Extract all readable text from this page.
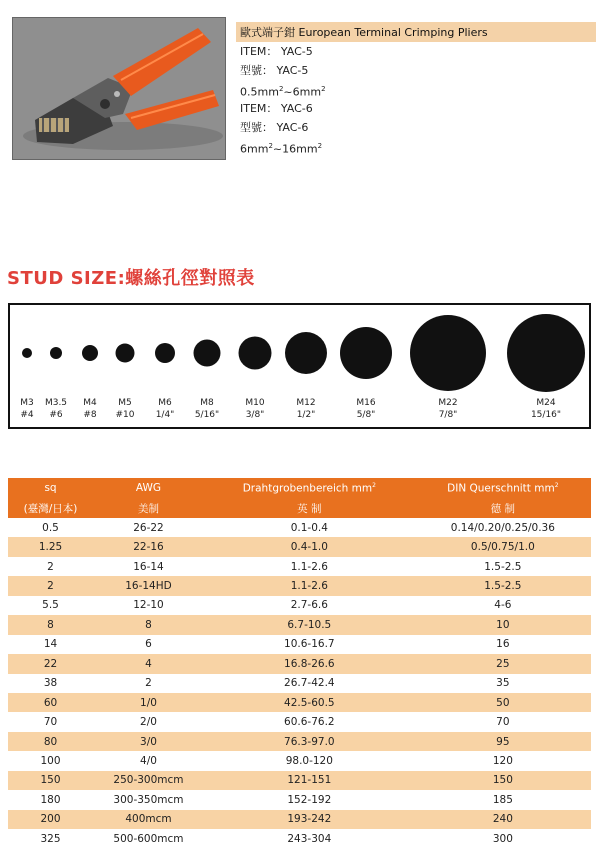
歐式端子鉗 European Terminal Crimping Pliers
ITEM： YAC-5
型號： YAC-5
$0.5mm^2\sim 6mm^2$
ITEM： YAC-6
型號： YAC-6
$6mm^2\sim 16mm^2$
STUD SIZE:螺絲孔徑對照表
M3
#4
M3.5
#6
M4
#8
M5
#10
M6
1/4"
M8
5/16"
M10
3/8"
M12
1/2"
M16
5/8"
M22
7/8"
M24
15/16"
sq	AWG	Drahtgrobenbereich $mm^2$	DIN Querschnitt $mm^2$
(臺灣/日本)	美制	英 制	德 制
0.5	26-22	0.1-0.4	0.14/0.20/0.25/0.36
1.25	22-16	0.4-1.0	0.5/0.75/1.0
2	16-14	1.1-2.6	1.5-2.5
2	16-14HD	1.1-2.6	1.5-2.5
5.5	12-10	2.7-6.6	4-6
8	8	6.7-10.5	10
14	6	10.6-16.7	16
22	4	16.8-26.6	25
38	2	26.7-42.4	35
60	1/0	42.5-60.5	50
70	2/0	60.6-76.2	70
80	3/0	76.3-97.0	95
100	4/0	98.0-120	120
150	250-300mcm	121-151	150
180	300-350mcm	152-192	185
200	400mcm	193-242	240
325	500-600mcm	243-304	300
